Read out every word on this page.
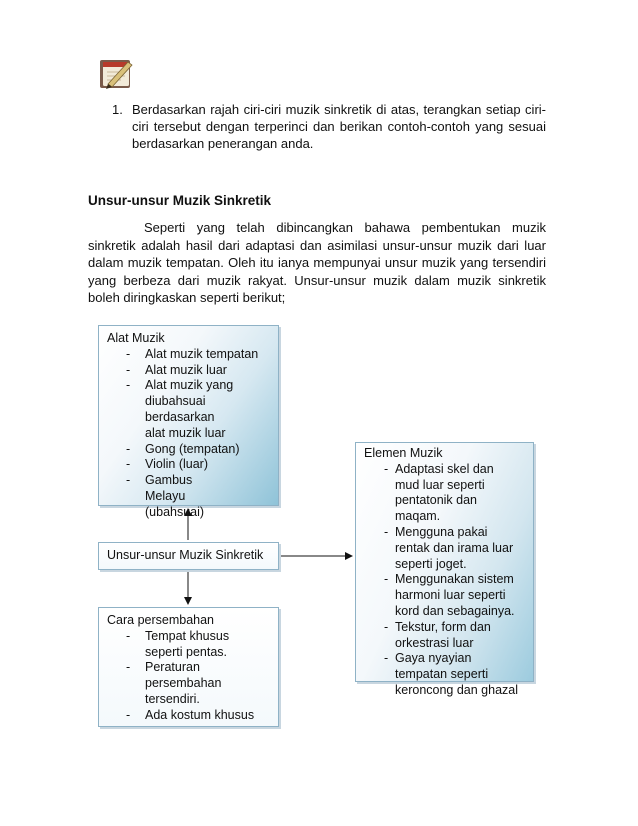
1. Berdasarkan rajah ciri-ciri muzik sinkretik di atas, terangkan setiap ciri-ciri tersebut dengan terperinci dan berikan contoh-contoh yang sesuai berdasarkan penerangan anda.
Unsur-unsur Muzik Sinkretik
Seperti yang telah dibincangkan bahawa pembentukan muzik sinkretik adalah hasil dari adaptasi dan asimilasi unsur-unsur muzik dari luar dalam muzik tempatan. Oleh itu ianya mempunyai unsur muzik yang tersendiri yang berbeza dari muzik rakyat. Unsur-unsur muzik dalam muzik sinkretik boleh diringkaskan seperti berikut;
Alat Muzik
- Alat muzik tempatan
- Alat muzik luar
- Alat muzik yang diubahsuai berdasarkan alat muzik luar
- Gong (tempatan)
- Violin (luar)
- Gambus Melayu (ubahsuai)
Unsur-unsur Muzik Sinkretik
Cara persembahan
- Tempat khusus seperti pentas.
- Peraturan persembahan tersendiri.
- Ada kostum khusus
Elemen Muzik
- Adaptasi skel dan mud luar seperti pentatonik dan maqam.
- Mengguna pakai rentak dan irama luar seperti joget.
- Menggunakan sistem harmoni luar seperti kord dan sebagainya.
- Tekstur, form dan orkestrasi luar
- Gaya nyayian tempatan seperti keroncong dan ghazal
